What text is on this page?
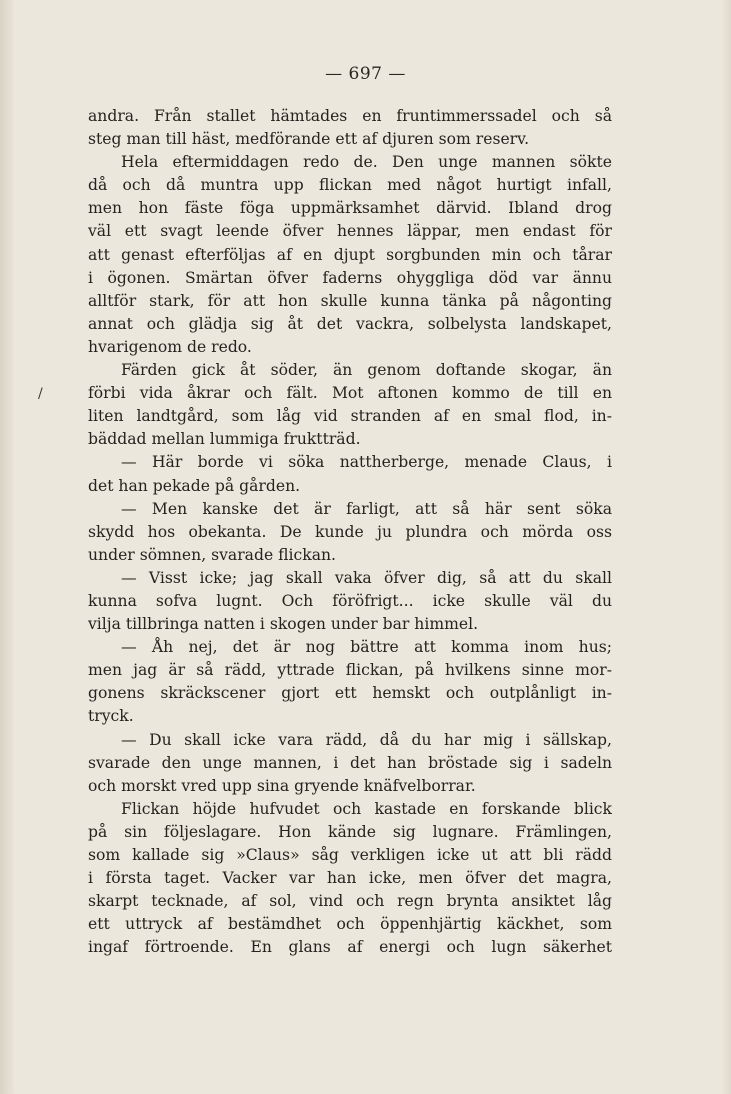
— 697 —
/
andra. Från stallet hämtades en fruntimmerssadel och så
steg man till häst, medförande ett af djuren som reserv.
Hela eftermiddagen redo de. Den unge mannen sökte
då och då muntra upp flickan med något hurtigt infall,
men hon fäste föga uppmärksamhet därvid. Ibland drog
väl ett svagt leende öfver hennes läppar, men endast för
att genast efterföljas af en djupt sorgbunden min och tårar
i ögonen. Smärtan öfver faderns ohyggliga död var ännu
alltför stark, för att hon skulle kunna tänka på någonting
annat och glädja sig åt det vackra, solbelysta landskapet,
hvarigenom de redo.
Färden gick åt söder, än genom doftande skogar, än
förbi vida åkrar och fält. Mot aftonen kommo de till en
liten landtgård, som låg vid stranden af en smal flod, in-
bäddad mellan lummiga fruktträd.
— Här borde vi söka nattherberge, menade Claus, i
det han pekade på gården.
— Men kanske det är farligt, att så här sent söka
skydd hos obekanta. De kunde ju plundra och mörda oss
under sömnen, svarade flickan.
— Visst icke; jag skall vaka öfver dig, så att du skall
kunna sofva lugnt. Och föröfrigt... icke skulle väl du
vilja tillbringa natten i skogen under bar himmel.
— Åh nej, det är nog bättre att komma inom hus;
men jag är så rädd, yttrade flickan, på hvilkens sinne mor-
gonens skräckscener gjort ett hemskt och outplånligt in-
tryck.
— Du skall icke vara rädd, då du har mig i sällskap,
svarade den unge mannen, i det han bröstade sig i sadeln
och morskt vred upp sina gryende knäfvelborrar.
Flickan höjde hufvudet och kastade en forskande blick
på sin följeslagare. Hon kände sig lugnare. Främlingen,
som kallade sig »Claus» såg verkligen icke ut att bli rädd
i första taget. Vacker var han icke, men öfver det magra,
skarpt tecknade, af sol, vind och regn brynta ansiktet låg
ett uttryck af bestämdhet och öppenhjärtig käckhet, som
ingaf förtroende. En glans af energi och lugn säkerhet
